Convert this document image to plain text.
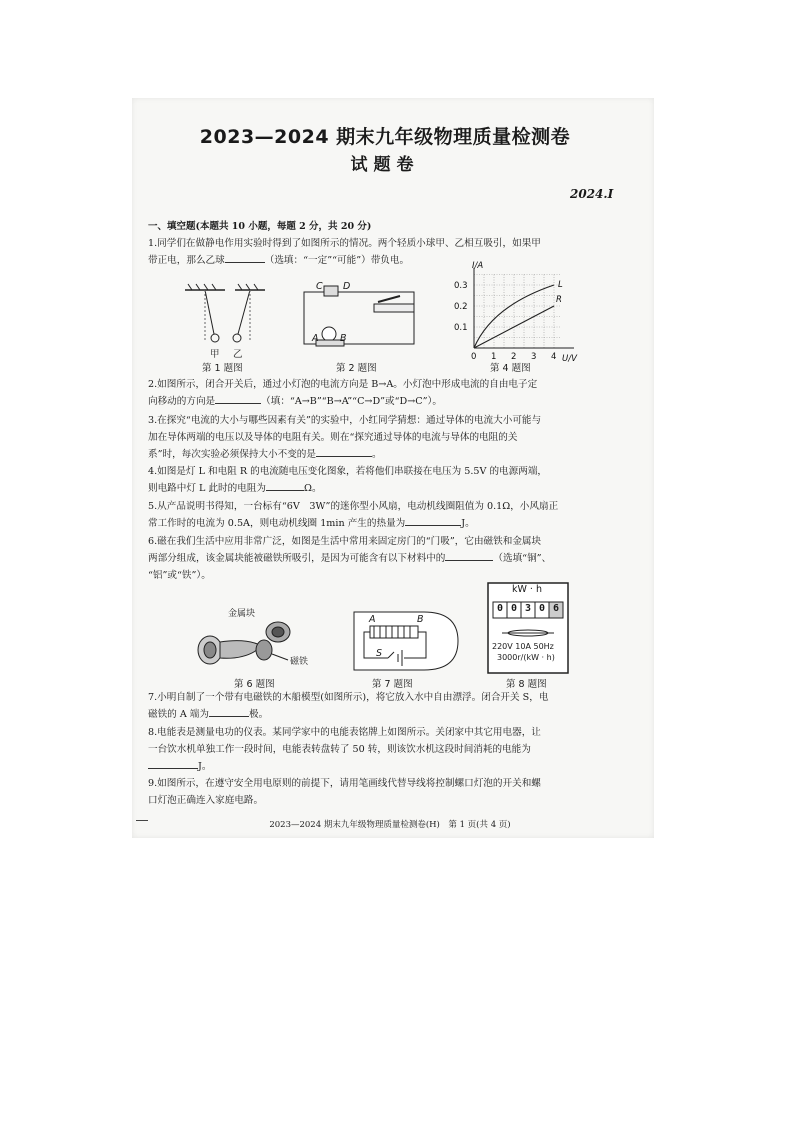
2023—2024 期末九年级物理质量检测卷
试题卷
2024.I
一、填空题(本题共 10 小题，每题 2 分，共 20 分)
1.同学们在做静电作用实验时得到了如图所示的情况。两个轻质小球甲、乙相互吸引，如果甲
带正电，那么乙球	（选填：“一定”“可能”）带负电。
甲 乙
第 1 题图
C D
A B
第 2 题图
I/A
U/V
0.3
0.2
0.1
0 1 2 3 4
L
R
第 4 题图
2.如图所示，闭合开关后，通过小灯泡的电流方向是 B→A。小灯泡中形成电流的自由电子定
向移动的方向是	（填：“A→B”“B→A”“C→D”或“D→C”）。
3.在探究“电流的大小与哪些因素有关”的实验中，小红同学猜想：通过导体的电流大小可能与
加在导体两端的电压以及导体的电阻有关。则在“探究通过导体的电流与导体的电阻的关
系”时，每次实验必须保持大小不变的是	。
4.如图是灯 L 和电阻 R 的电流随电压变化图象，若将他们串联接在电压为 5.5V 的电源两端，
则电路中灯 L 此时的电阻为	Ω。
5.从产品说明书得知，一台标有“6V　3W”的迷你型小风扇，电动机线圈阻值为 0.1Ω，小风扇正
常工作时的电流为 0.5A，则电动机线圈 1min 产生的热量为	J。
6.磁在我们生活中应用非常广泛，如图是生活中常用来固定房门的“门吸”，它由磁铁和金属块
两部分组成，该金属块能被磁铁所吸引，是因为可能含有以下材料中的	（选填“铜”、
“铝”或“铁”）。
金属块
磁铁
第 6 题图
A	B
S
第 7 题图
kW · h
0 0 3 0 6
220V 10A 50Hz
3000r/(kW · h)
第 8 题图
7.小明自制了一个带有电磁铁的木船模型(如图所示)，将它放入水中自由漂浮。闭合开关 S，电
磁铁的 A 端为	极。
8.电能表是测量电功的仪表。某同学家中的电能表铭牌上如图所示。关闭家中其它用电器，让
一台饮水机单独工作一段时间，电能表转盘转了 50 转，则该饮水机这段时间消耗的电能为
J。
9.如图所示，在遵守安全用电原则的前提下，请用笔画线代替导线将控制螺口灯泡的开关和螺
口灯泡正确连入家庭电路。
2023—2024 期末九年级物理质量检测卷(H)　第 1 页(共 4 页)
